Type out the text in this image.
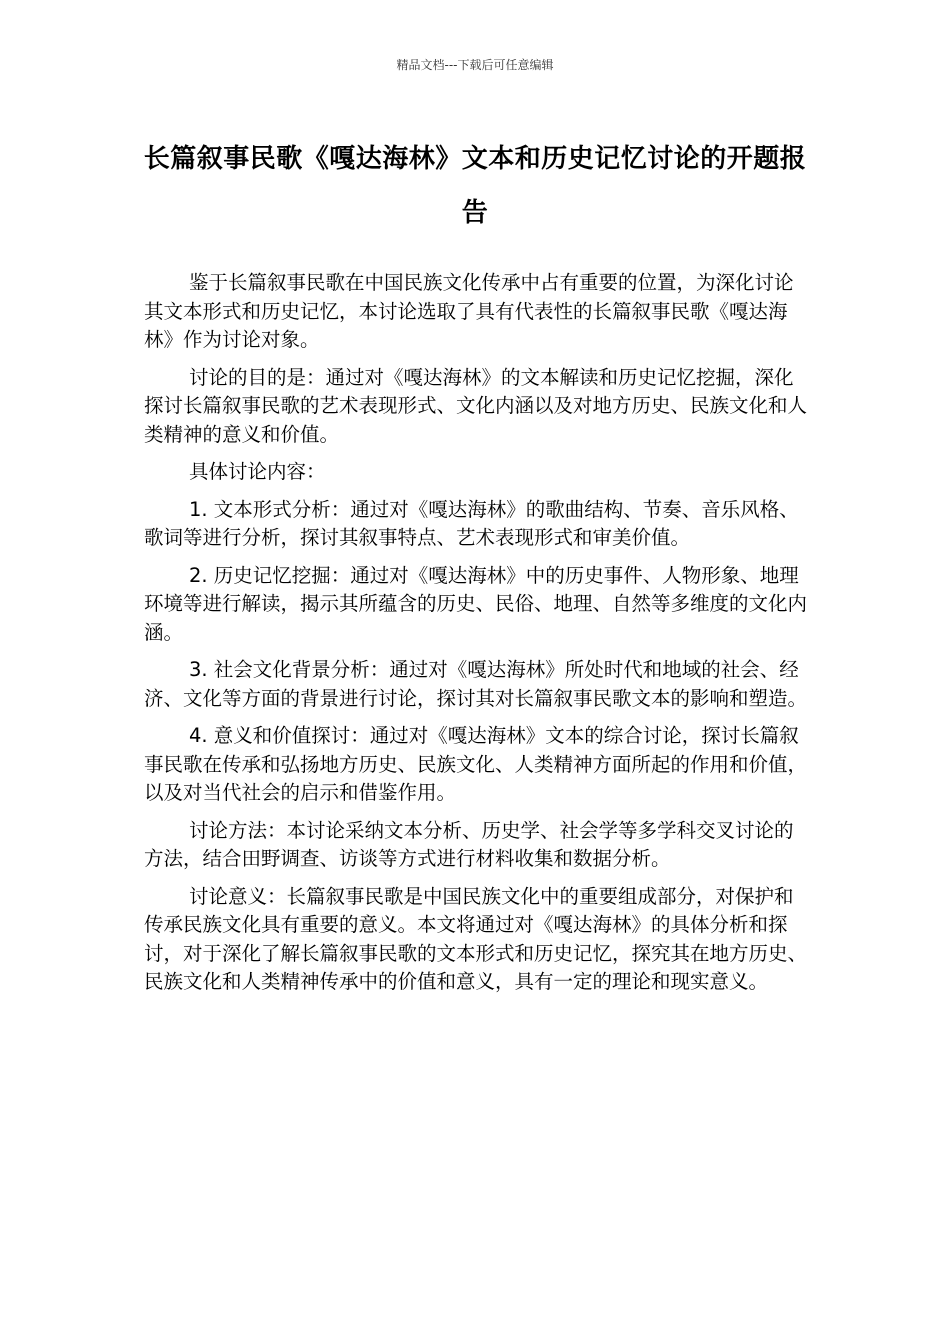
精品文档---下载后可任意编辑
长篇叙事民歌《嘎达海林》文本和历史记忆讨论的开题报告

鉴于长篇叙事民歌在中国民族文化传承中占有重要的位置，为深化讨论其文本形式和历史记忆，本讨论选取了具有代表性的长篇叙事民歌《嘎达海林》作为讨论对象。

讨论的目的是：通过对《嘎达海林》的文本解读和历史记忆挖掘，深化探讨长篇叙事民歌的艺术表现形式、文化内涵以及对地方历史、民族文化和人类精神的意义和价值。

具体讨论内容：

1. 文本形式分析：通过对《嘎达海林》的歌曲结构、节奏、音乐风格、歌词等进行分析，探讨其叙事特点、艺术表现形式和审美价值。

2. 历史记忆挖掘：通过对《嘎达海林》中的历史事件、人物形象、地理环境等进行解读，揭示其所蕴含的历史、民俗、地理、自然等多维度的文化内涵。

3. 社会文化背景分析：通过对《嘎达海林》所处时代和地域的社会、经济、文化等方面的背景进行讨论，探讨其对长篇叙事民歌文本的影响和塑造。

4. 意义和价值探讨：通过对《嘎达海林》文本的综合讨论，探讨长篇叙事民歌在传承和弘扬地方历史、民族文化、人类精神方面所起的作用和价值，以及对当代社会的启示和借鉴作用。

讨论方法：本讨论采纳文本分析、历史学、社会学等多学科交叉讨论的方法，结合田野调查、访谈等方式进行材料收集和数据分析。

讨论意义：长篇叙事民歌是中国民族文化中的重要组成部分，对保护和传承民族文化具有重要的意义。本文将通过对《嘎达海林》的具体分析和探讨，对于深化了解长篇叙事民歌的文本形式和历史记忆，探究其在地方历史、民族文化和人类精神传承中的价值和意义，具有一定的理论和现实意义。
